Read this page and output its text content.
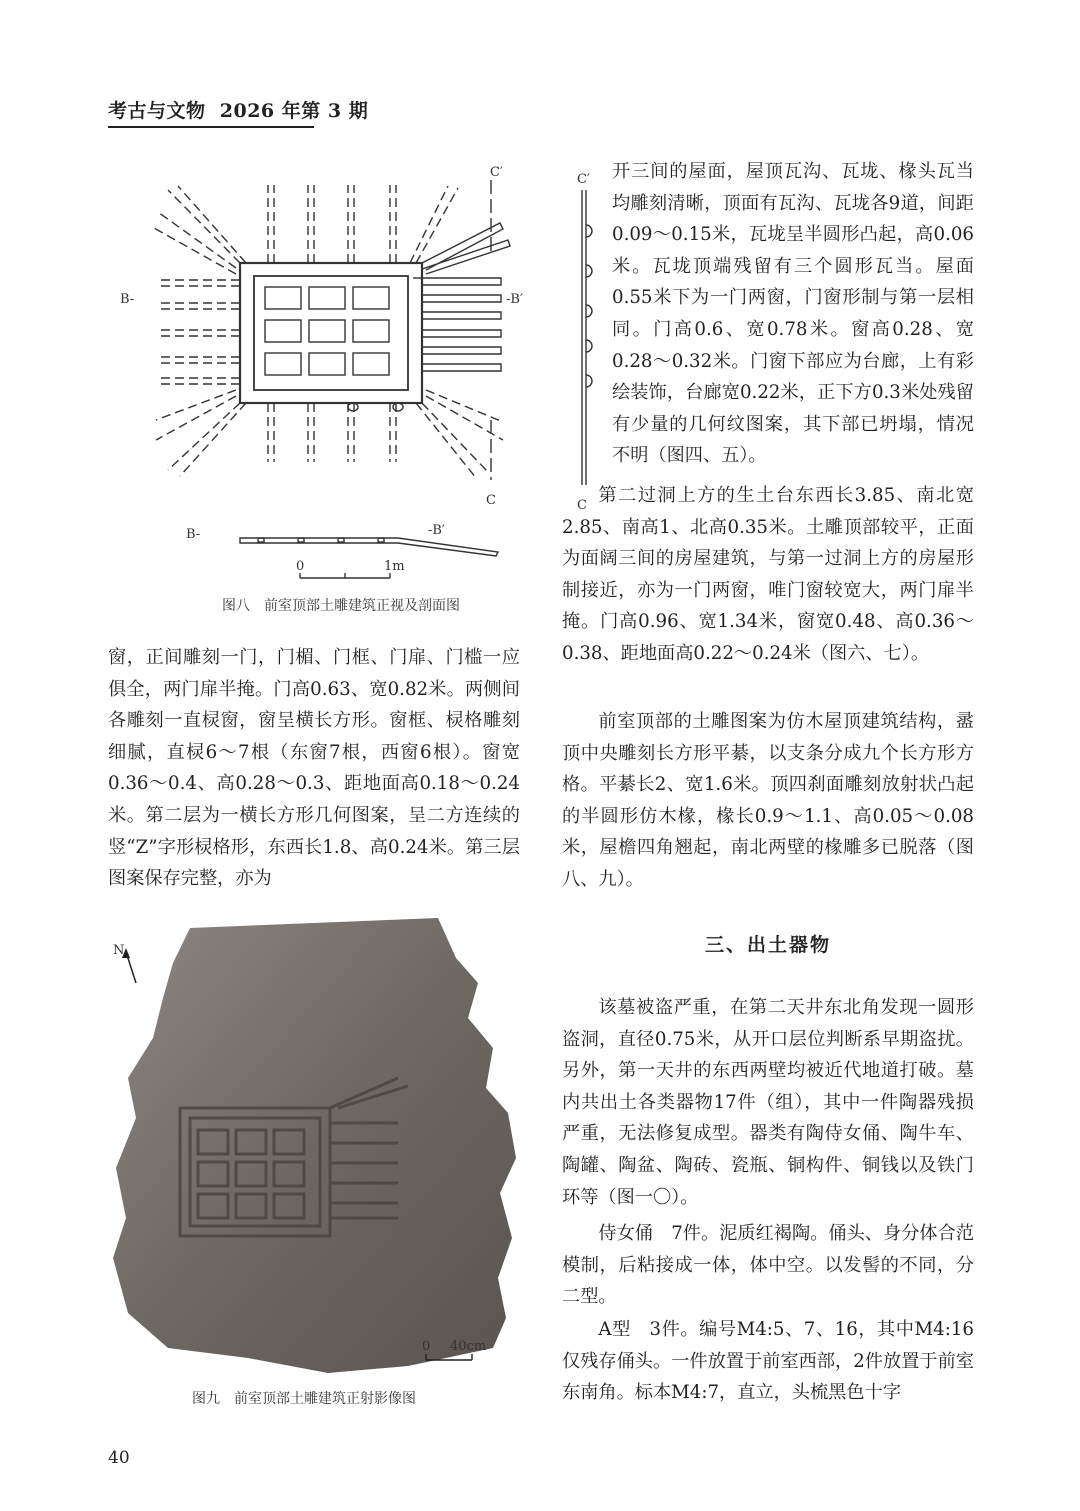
考古与文物 2026 年第 3 期
C′
C
B-	-B′
B-	-B′
0	1m
图八　前室顶部土雕建筑正视及剖面图
C′
C

窗，正间雕刻一门，门楣、门框、门扉、门槛一应俱全，两门扉半掩。门高0.63、宽0.82米。两侧间各雕刻一直棂窗，窗呈横长方形。窗框、棂格雕刻细腻，直棂6～7根（东窗7根，西窗6根）。窗宽0.36～0.4、高0.28～0.3、距地面高0.18～0.24米。第二层为一横长方形几何图案，呈二方连续的竖“Z”字形棂格形，东西长1.8、高0.24米。第三层图案保存完整，亦为

N
0 40cm
图九　前室顶部土雕建筑正射影像图

开三间的屋面，屋顶瓦沟、瓦垅、椽头瓦当均雕刻清晰，顶面有瓦沟、瓦垅各9道，间距0.09～0.15米，瓦垅呈半圆形凸起，高0.06米。瓦垅顶端残留有三个圆形瓦当。屋面0.55米下为一门两窗，门窗形制与第一层相同。门高0.6、宽0.78米。窗高0.28、宽0.28～0.32米。门窗下部应为台廊，上有彩绘装饰，台廊宽0.22米，正下方0.3米处残留有少量的几何纹图案，其下部已坍塌，情况不明（图四、五）。

第二过洞上方的生土台东西长3.85、南北宽2.85、南高1、北高0.35米。土雕顶部较平，正面为面阔三间的房屋建筑，与第一过洞上方的房屋形制接近，亦为一门两窗，唯门窗较宽大，两门扉半掩。门高0.96、宽1.34米，窗宽0.48、高0.36～0.38、距地面高0.22～0.24米（图六、七）。

前室顶部的土雕图案为仿木屋顶建筑结构，盝顶中央雕刻长方形平綦，以支条分成九个长方形方格。平綦长2、宽1.6米。顶四刹面雕刻放射状凸起的半圆形仿木椽，椽长0.9～1.1、高0.05～0.08米，屋檐四角翘起，南北两壁的椽雕多已脱落（图八、九）。

三、出土器物

该墓被盗严重，在第二天井东北角发现一圆形盗洞，直径0.75米，从开口层位判断系早期盗扰。另外，第一天井的东西两壁均被近代地道打破。墓内共出土各类器物17件（组），其中一件陶器残损严重，无法修复成型。器类有陶侍女俑、陶牛车、陶罐、陶盆、陶砖、瓷瓶、铜构件、铜钱以及铁门环等（图一〇）。

侍女俑　7件。泥质红褐陶。俑头、身分体合范模制，后粘接成一体，体中空。以发髻的不同，分二型。

A型　3件。编号M4:5、7、16，其中M4:16仅残存俑头。一件放置于前室西部，2件放置于前室东南角。标本M4:7，直立，头梳黑色十字

40
